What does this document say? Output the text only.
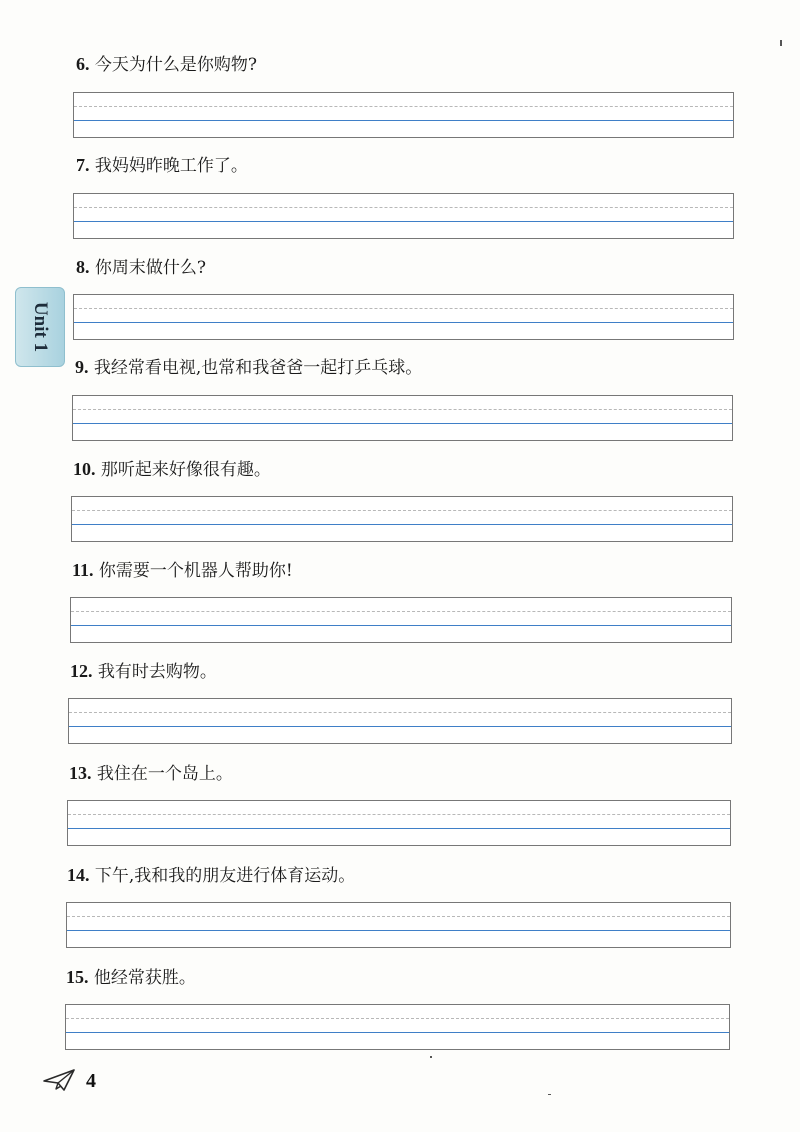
Unit 1
6. 今天为什么是你购物?
7. 我妈妈昨晚工作了。
8. 你周末做什么?
9. 我经常看电视,也常和我爸爸一起打乒乓球。
10. 那听起来好像很有趣。
11. 你需要一个机器人帮助你!
12. 我有时去购物。
13. 我住在一个岛上。
14. 下午,我和我的朋友进行体育运动。
15. 他经常获胜。
4
